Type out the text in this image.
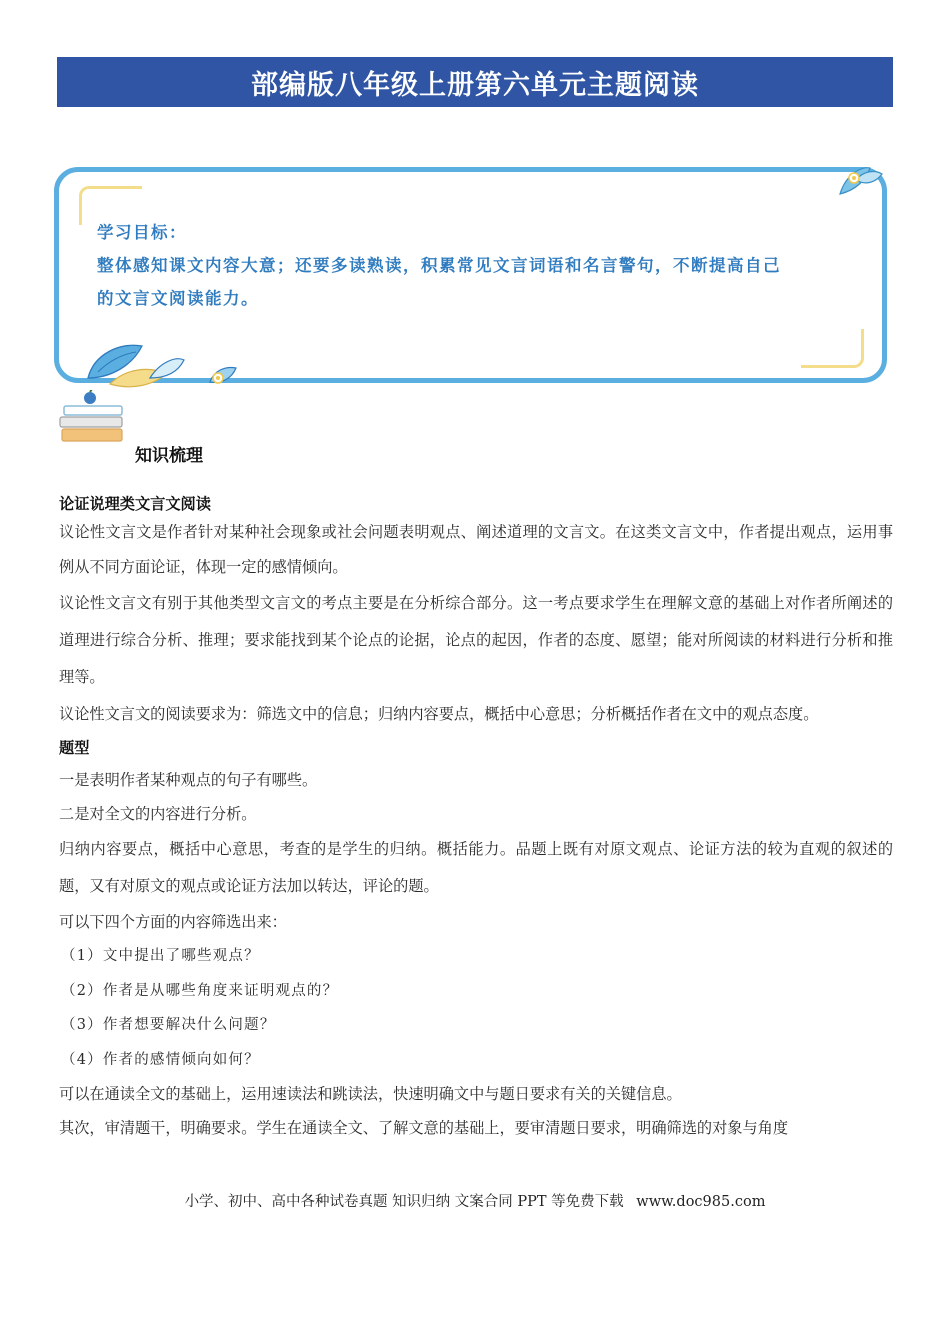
部编版八年级上册第六单元主题阅读
学习目标：
整体感知课文内容大意；还要多读熟读，积累常见文言词语和名言警句，不断提高自己
的文言文阅读能力。
知识梳理
论证说理类文言文阅读
议论性文言文是作者针对某种社会现象或社会问题表明观点、阐述道理的文言文。在这类文言文中，作者提出观点，运用事例从不同方面论证，体现一定的感情倾向。
议论性文言文有别于其他类型文言文的考点主要是在分析综合部分。这一考点要求学生在理解文意的基础上对作者所阐述的道理进行综合分析、推理；要求能找到某个论点的论据，论点的起因，作者的态度、愿望；能对所阅读的材料进行分析和推理等。
议论性文言文的阅读要求为：筛选文中的信息；归纳内容要点，概括中心意思；分析概括作者在文中的观点态度。
题型
一是表明作者某种观点的句子有哪些。
二是对全文的内容进行分析。
归纳内容要点，概括中心意思，考查的是学生的归纳。概括能力。品题上既有对原文观点、论证方法的较为直观的叙述的题，又有对原文的观点或论证方法加以转达，评论的题。
可以下四个方面的内容筛选出来：
（1）文中提出了哪些观点？
（2）作者是从哪些角度来证明观点的？
（3）作者想要解决什么问题？
（4）作者的感情倾向如何？
可以在通读全文的基础上，运用速读法和跳读法，快速明确文中与题日要求有关的关键信息。
其次，审清题干，明确要求。学生在通读全文、了解文意的基础上，要审清题日要求，明确筛选的对象与角度
小学、初中、高中各种试卷真题 知识归纳 文案合同 PPT 等免费下载 www.doc985.com
